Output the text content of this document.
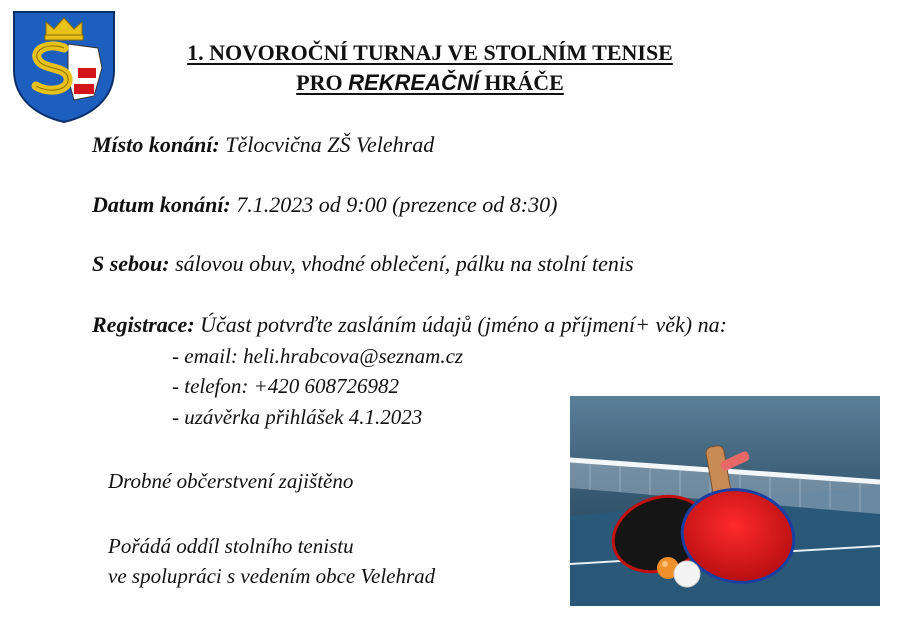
1. NOVOROČNÍ TURNAJ VE STOLNÍM TENISE
PRO REKREAČNÍ HRÁČE
Místo konání: Tělocvična ZŠ Velehrad
Datum konání: 7.1.2023 od 9:00 (prezence od 8:30)
S sebou: sálovou obuv, vhodné oblečení, pálku na stolní tenis
Registrace: Účast potvrďte zasláním údajů (jméno a příjmení+ věk) na:
- email: heli.hrabcova@seznam.cz
- telefon: +420 608726982
- uzávěrka přihlášek 4.1.2023
Drobné občerstvení zajištěno
Pořádá oddíl stolního tenistu
ve spolupráci s vedením obce Velehrad
